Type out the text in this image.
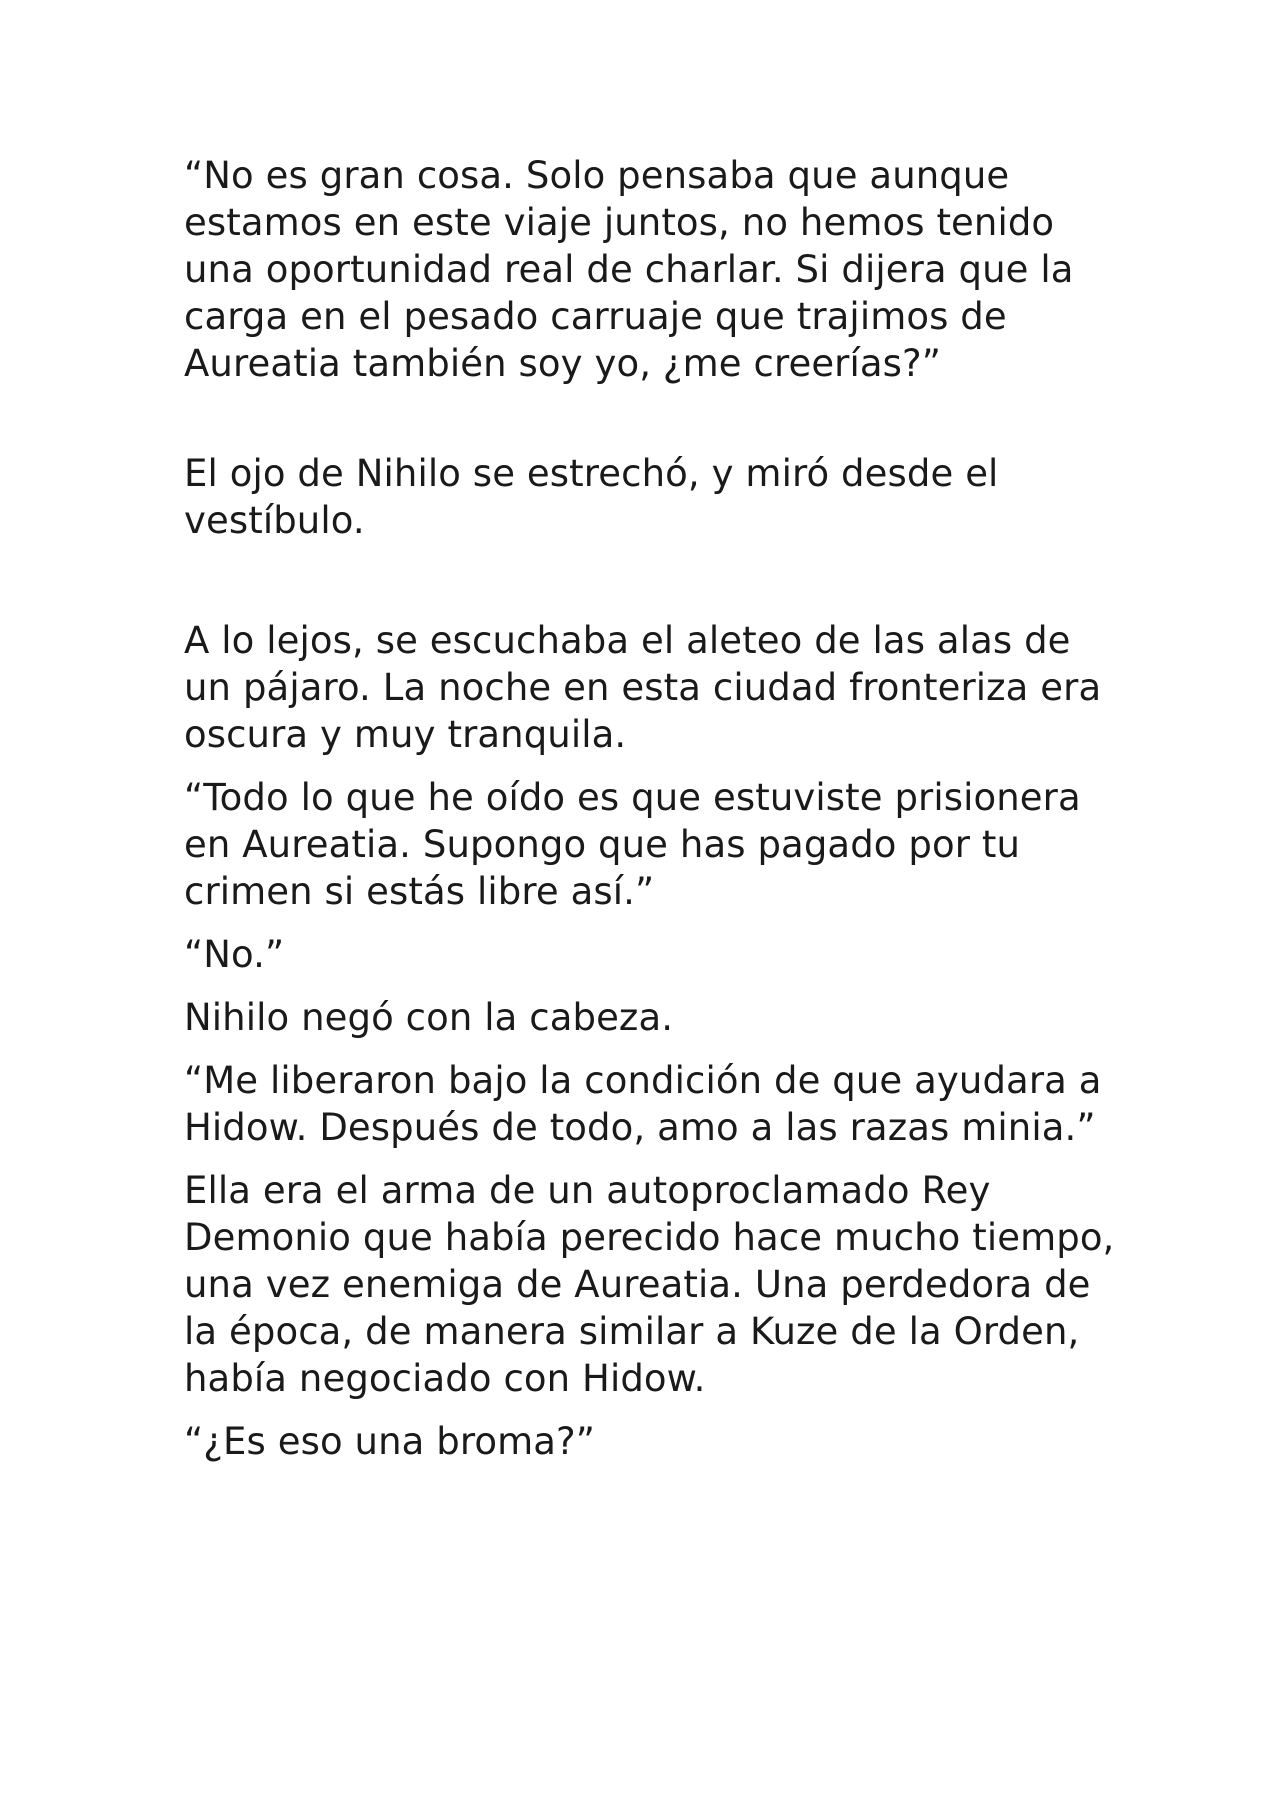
“No es gran cosa. Solo pensaba que aunque estamos en este viaje juntos, no hemos tenido una oportunidad real de charlar. Si dijera que la carga en el pesado carruaje que trajimos de Aureatia también soy yo, ¿me creerías?”

El ojo de Nihilo se estrechó, y miró desde el vestíbulo.

A lo lejos, se escuchaba el aleteo de las alas de un pájaro. La noche en esta ciudad fronteriza era oscura y muy tranquila.

“Todo lo que he oído es que estuviste prisionera en Aureatia. Supongo que has pagado por tu crimen si estás libre así.”

“No.”

Nihilo negó con la cabeza.

“Me liberaron bajo la condición de que ayudara a Hidow. Después de todo, amo a las razas minia.”

Ella era el arma de un autoproclamado Rey Demonio que había perecido hace mucho tiempo, una vez enemiga de Aureatia. Una perdedora de la época, de manera similar a Kuze de la Orden, había negociado con Hidow.

“¿Es eso una broma?”
